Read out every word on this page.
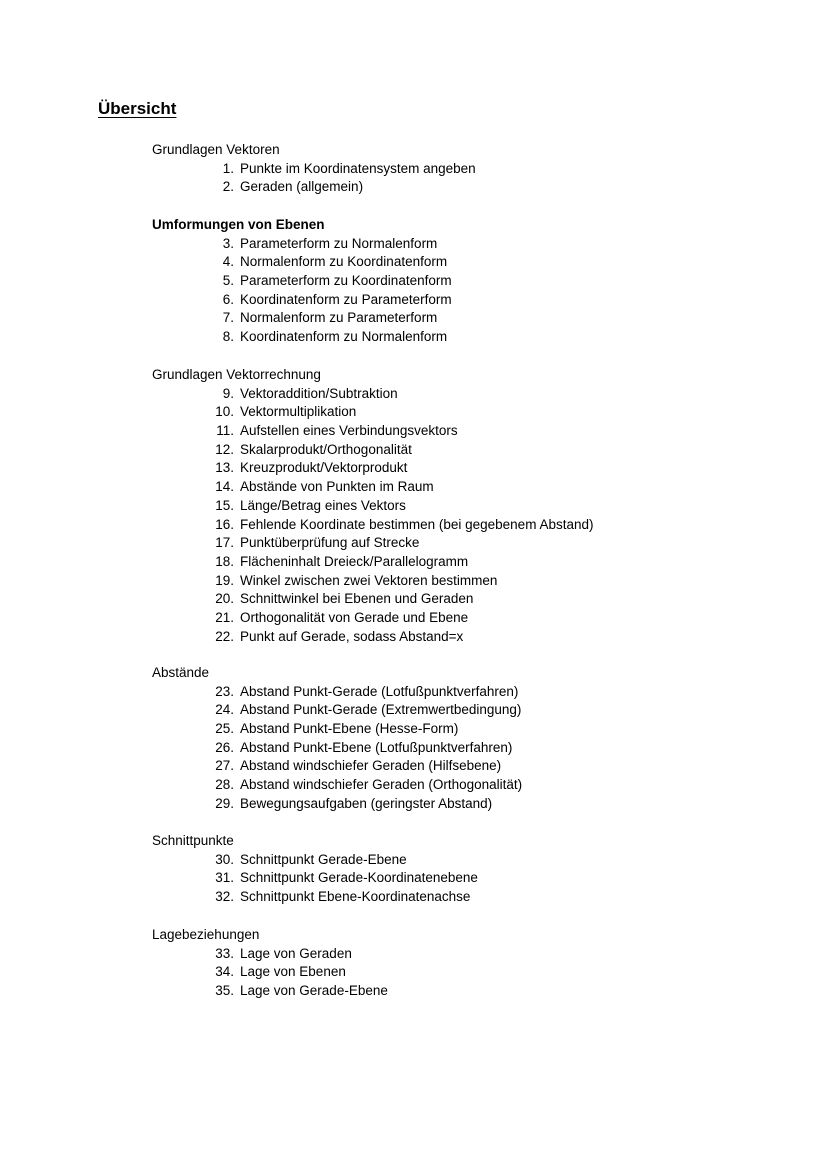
Übersicht
Grundlagen Vektoren
1. Punkte im Koordinatensystem angeben
2. Geraden (allgemein)
Umformungen von Ebenen
3. Parameterform zu Normalenform
4. Normalenform zu Koordinatenform
5. Parameterform zu Koordinatenform
6. Koordinatenform zu Parameterform
7. Normalenform zu Parameterform
8. Koordinatenform zu Normalenform
Grundlagen Vektorrechnung
9. Vektoraddition/Subtraktion
10. Vektormultiplikation
11. Aufstellen eines Verbindungsvektors
12. Skalarprodukt/Orthogonalität
13. Kreuzprodukt/Vektorprodukt
14. Abstände von Punkten im Raum
15. Länge/Betrag eines Vektors
16. Fehlende Koordinate bestimmen (bei gegebenem Abstand)
17. Punktüberprüfung auf Strecke
18. Flächeninhalt Dreieck/Parallelogramm
19. Winkel zwischen zwei Vektoren bestimmen
20. Schnittwinkel bei Ebenen und Geraden
21. Orthogonalität von Gerade und Ebene
22. Punkt auf Gerade, sodass Abstand=x
Abstände
23. Abstand Punkt-Gerade (Lotfußpunktverfahren)
24. Abstand Punkt-Gerade (Extremwertbedingung)
25. Abstand Punkt-Ebene (Hesse-Form)
26. Abstand Punkt-Ebene (Lotfußpunktverfahren)
27. Abstand windschiefer Geraden (Hilfsebene)
28. Abstand windschiefer Geraden (Orthogonalität)
29. Bewegungsaufgaben (geringster Abstand)
Schnittpunkte
30. Schnittpunkt Gerade-Ebene
31. Schnittpunkt Gerade-Koordinatenebene
32. Schnittpunkt Ebene-Koordinatenachse
Lagebeziehungen
33. Lage von Geraden
34. Lage von Ebenen
35. Lage von Gerade-Ebene
